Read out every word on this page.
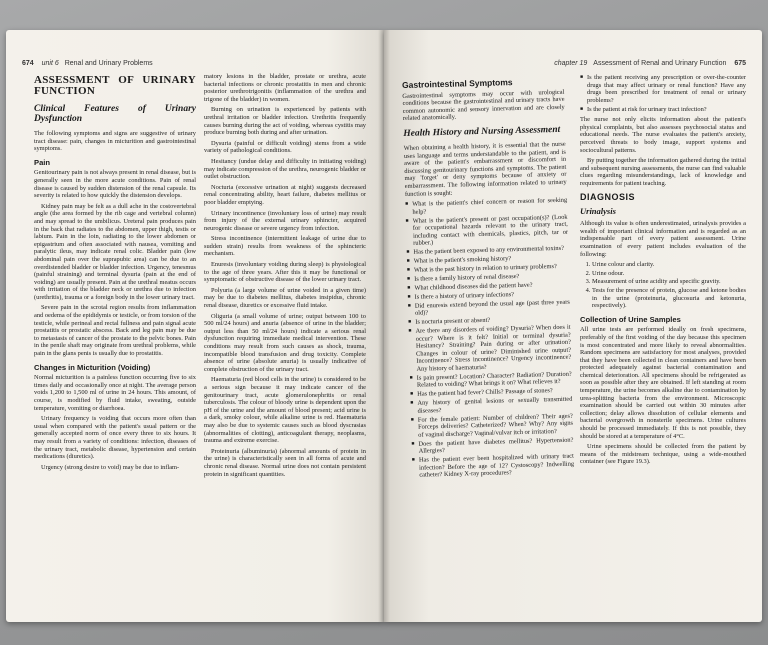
674 unit 6 Renal and Urinary Problems
ASSESSMENT OF URINARY FUNCTION
Clinical Features of Urinary Dysfunction

The following symptoms and signs are suggestive of urinary tract disease: pain, changes in micturition and gastrointestinal symptoms.

Pain

Genitourinary pain is not always present in renal disease, but is generally seen in the more acute conditions. Pain of renal disease is caused by sudden distension of the renal capsule. Its severity is related to how quickly the distension develops.

Kidney pain may be felt as a dull ache in the costovertebral angle (the area formed by the rib cage and vertebral column) and may spread to the umbilicus. Ureteral pain produces pain in the back that radiates to the abdomen, upper thigh, testis or labium. Pain in the loin, radiating to the lower abdomen or epigastrium and often associated with nausea, vomiting and paralytic ileus, may indicate renal colic. Bladder pain (low abdominal pain over the suprapubic area) can be due to an overdistended bladder or bladder infection. Urgency, tenesmus (painful straining) and terminal dysuria (pain at the end of voiding) are usually present. Pain at the urethral meatus occurs with irritation of the bladder neck or urethra due to infection (urethritis), trauma or a foreign body in the lower urinary tract.

Severe pain in the scrotal region results from inflammation and oedema of the epididymis or testicle, or from torsion of the testicle, while perineal and rectal fullness and pain signal acute prostatitis or prostatic abscess. Back and leg pain may be due to metastasis of cancer of the prostate to the pelvic bones. Pain in the penile shaft may originate from urethral problems, while pain in the glans penis is usually due to prostatitis.

Changes in Micturition (Voiding)

Normal micturition is a painless function occurring five to six times daily and occasionally once at night. The average person voids 1,200 to 1,500 ml of urine in 24 hours. This amount, of course, is modified by fluid intake, sweating, outside temperature, vomiting or diarrhoea.

Urinary frequency is voiding that occurs more often than usual when compared with the patient's usual pattern or the generally accepted norm of once every three to six hours. It may result from a variety of conditions: infection, diseases of the urinary tract, metabolic disease, hypertension and certain medications (diuretics).

Urgency (strong desire to void) may be due to inflam-

matory lesions in the bladder, prostate or urethra, acute bacterial infections or chronic prostatitis in men and chronic posterior urethrotrigonitis (inflammation of the urethra and trigone of the bladder) in women.

Burning on urination is experienced by patients with urethral irritation or bladder infection. Urethritis frequently causes burning during the act of voiding, whereas cystitis may produce burning both during and after urination.

Dysuria (painful or difficult voiding) stems from a wide variety of pathological conditions.

Hesitancy (undue delay and difficulty in initiating voiding) may indicate compression of the urethra, neurogenic bladder or outlet obstruction.

Nocturia (excessive urination at night) suggests decreased renal concentrating ability, heart failure, diabetes mellitus or poor bladder emptying.

Urinary incontinence (involuntary loss of urine) may result from injury of the external urinary sphincter, acquired neurogenic disease or severe urgency from infection.

Stress incontinence (intermittent leakage of urine due to sudden strain) results from weakness of the sphincteric mechanism.

Enuresis (involuntary voiding during sleep) is physiological to the age of three years. After this it may be functional or symptomatic of obstructive disease of the lower urinary tract.

Polyuria (a large volume of urine voided in a given time) may be due to diabetes mellitus, diabetes insipidus, chronic renal disease, diuretics or excessive fluid intake.

Oliguria (a small volume of urine; output between 100 to 500 ml/24 hours) and anuria (absence of urine in the bladder; output less than 50 ml/24 hours) indicate a serious renal dysfunction requiring immediate medical intervention. These conditions may result from such causes as shock, trauma, incompatible blood transfusion and drug toxicity. Complete absence of urine (absolute anuria) is usually indicative of complete obstruction of the urinary tract.

Haematuria (red blood cells in the urine) is considered to be a serious sign because it may indicate cancer of the genitourinary tract, acute glomerulonephritis or renal tuberculosis. The colour of bloody urine is dependent upon the pH of the urine and the amount of blood present; acid urine is a dark, smoky colour, while alkaline urine is red. Haematuria may also be due to systemic causes such as blood dyscrasias (abnormalities of clotting), anticoagulant therapy, neoplasms, trauma and extreme exercise.

Proteinuria (albuminuria) (abnormal amounts of protein in the urine) is characteristically seen in all forms of acute and chronic renal disease. Normal urine does not contain persistent protein in significant quantities.

chapter 19 Assessment of Renal and Urinary Function 675
Gastrointestinal Symptoms

Gastrointestinal symptoms may occur with urological conditions because the gastrointestinal and urinary tracts have common autonomic and sensory innervation and are closely related anatomically.

Health History and Nursing Assessment

When obtaining a health history, it is essential that the nurse uses language and terms understandable to the patient, and is aware of the patient's embarrassment or discomfort in discussing genitourinary functions and symptoms. The patient may 'forget' or deny symptoms because of anxiety or embarrassment. The following information related to urinary function is sought:

■ What is the patient's chief concern or reason for seeking help?
■ What is the patient's present or past occupation(s)? (Look for occupational hazards relevant to the urinary tract, including contact with chemicals, plastics, pitch, tar or rubber.)
■ Has the patient been exposed to any environmental toxins?
■ What is the patient's smoking history?
■ What is the past history in relation to urinary problems?
■ Is there a family history of renal disease?
■ What childhood diseases did the patient have?
■ Is there a history of urinary infections?
■ Did enuresis extend beyond the usual age (past three years old)?
■ Is nocturia present or absent?
■ Are there any disorders of voiding? Dysuria? When does it occur? Where is it felt? Initial or terminal dysuria? Hesitancy? Straining? Pain during or after urination? Changes in colour of urine? Diminished urine output? Incontinence? Stress incontinence? Urgency incontinence? Any history of haematuria?
■ Is pain present? Location? Character? Radiation? Duration? Related to voiding? What brings it on? What relieves it?
■ Has the patient had fever? Chills? Passage of stones?
■ Any history of genital lesions or sexually transmitted diseases?
■ For the female patient: Number of children? Their ages? Forceps deliveries? Catheterized? When? Why? Any signs of vaginal discharge? Vaginal/vulvar itch or irritation?
■ Does the patient have diabetes mellitus? Hypertension? Allergies?
■ Has the patient ever been hospitalized with urinary tract infection? Before the age of 12? Cystoscopy? Indwelling catheter? Kidney X-ray procedures?
■ Is the patient receiving any prescription or over-the-counter drugs that may affect urinary or renal function? Have any drugs been prescribed for treatment of renal or urinary problems?
■ Is the patient at risk for urinary tract infection?

The nurse not only elicits information about the patient's physical complaints, but also assesses psychosocial status and educational needs. The nurse evaluates the patient's anxiety, perceived threats to body image, support systems and sociocultural patterns.

By putting together the information gathered during the initial and subsequent nursing assessments, the nurse can find valuable clues regarding misunderstandings, lack of knowledge and requirements for patient teaching.

DIAGNOSIS
Urinalysis

Although its value is often underestimated, urinalysis provides a wealth of important clinical information and is regarded as an indispensable part of every patient assessment. Urine examination of every patient includes evaluation of the following:

1. Urine colour and clarity.
2. Urine odour.
3. Measurement of urine acidity and specific gravity.
4. Tests for the presence of protein, glucose and ketone bodies in the urine (proteinuria, glucosuria and ketonuria, respectively).
Collection of Urine Samples

All urine tests are performed ideally on fresh specimens, preferably of the first voiding of the day because this specimen is most concentrated and more likely to reveal abnormalities. Random specimens are satisfactory for most analyses, provided that they have been collected in clean containers and have been protected adequately against bacterial contamination and chemical deterioration. All specimens should be refrigerated as soon as possible after they are obtained. If left standing at room temperature, the urine becomes alkaline due to contamination by urea-splitting bacteria from the environment. Microscopic examination should be carried out within 30 minutes after collection; delay allows dissolution of cellular elements and bacterial overgrowth in nonsterile specimens. Urine cultures should be processed immediately. If this is not possible, they should be stored at a temperature of 4°C.

Urine specimens should be collected from the patient by means of the midstream technique, using a wide-mouthed container (see Figure 19.3).
